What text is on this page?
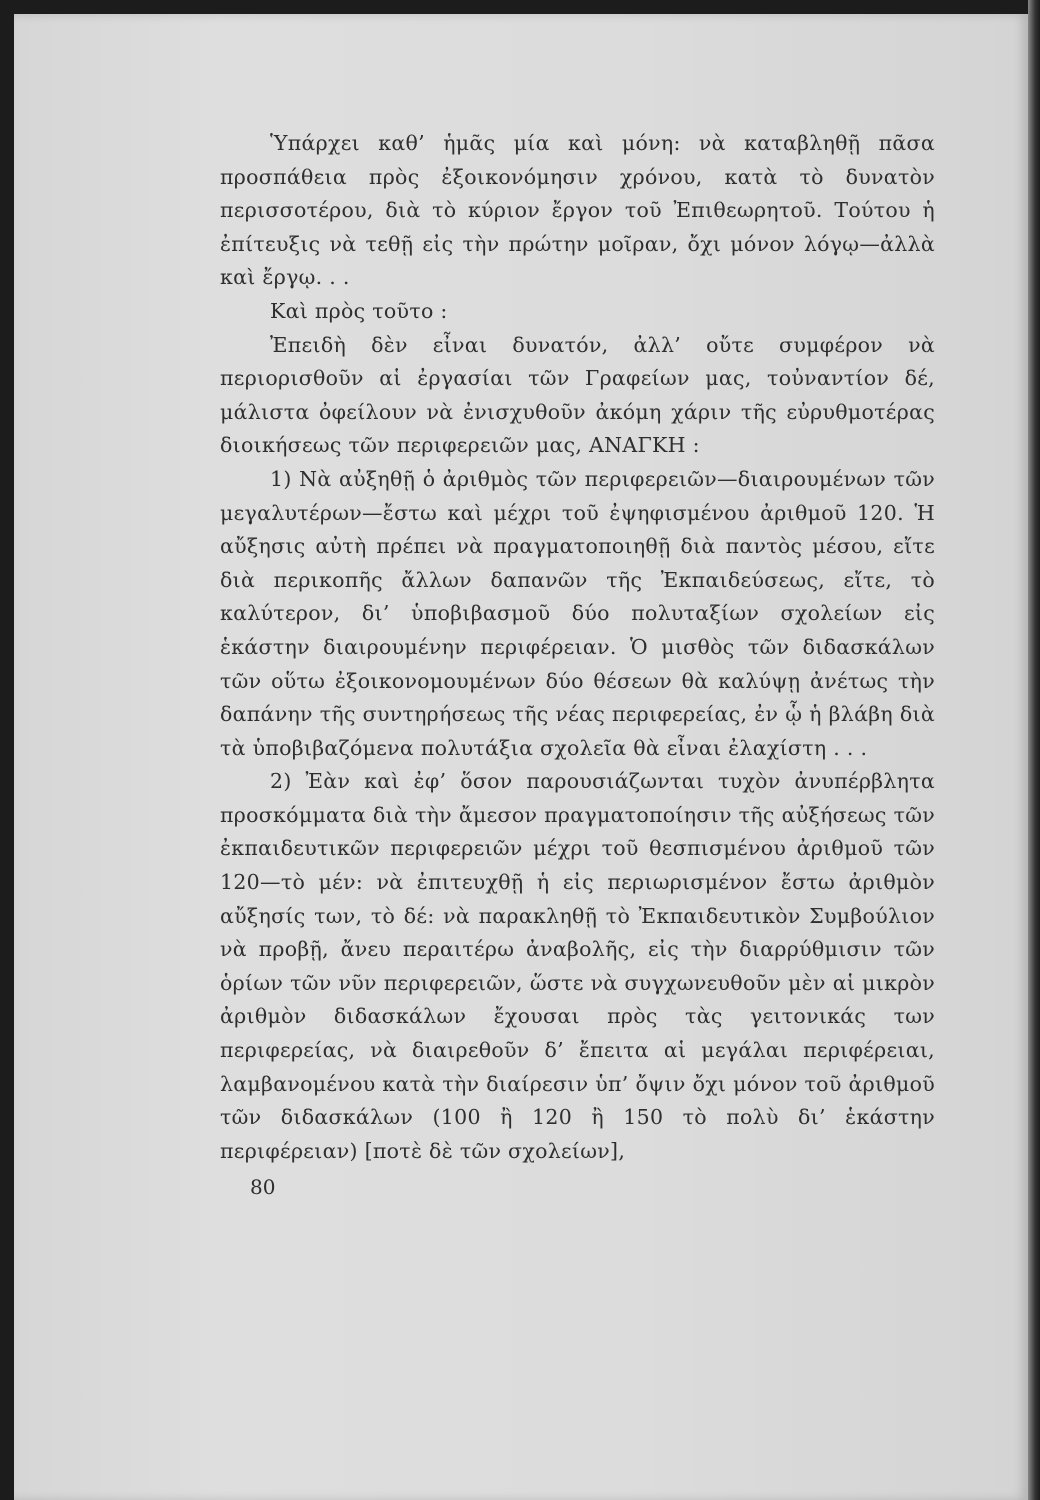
Ὑπάρχει καθ’ ἡμᾶς μία καὶ μόνη: νὰ καταβληθῇ πᾶσα προσπάθεια πρὸς ἐξοικονόμησιν χρόνου, κατὰ τὸ δυνατὸν περισσοτέρου, διὰ τὸ κύριον ἔργον τοῦ Ἐπιθεωρητοῦ. Τούτου ἡ ἐπίτευξις νὰ τεθῇ εἰς τὴν πρώτην μοῖραν, ὄχι μόνον λόγῳ—ἀλλὰ καὶ ἔργῳ. . .

Καὶ πρὸς τοῦτο :

Ἐπειδὴ δὲν εἶναι δυνατόν, ἀλλ’ οὔτε συμφέρον νὰ περιορισθοῦν αἱ ἐργασίαι τῶν Γραφείων μας, τοὐναντίον δέ, μάλιστα ὀφείλουν νὰ ἐνισχυθοῦν ἀκόμη χάριν τῆς εὐρυθμοτέρας διοικήσεως τῶν περιφερειῶν μας, ΑΝΑΓΚΗ :

1) Νὰ αὐξηθῇ ὁ ἀριθμὸς τῶν περιφερειῶν—διαιρουμένων τῶν μεγαλυτέρων—ἔστω καὶ μέχρι τοῦ ἐψηφισμένου ἀριθμοῦ 120. Ἡ αὔξησις αὐτὴ πρέπει νὰ πραγματοποιηθῇ διὰ παντὸς μέσου, εἴτε διὰ περικοπῆς ἄλλων δαπανῶν τῆς Ἐκπαιδεύσεως, εἴτε, τὸ καλύτερον, δι’ ὑποβιβασμοῦ δύο πολυταξίων σχολείων εἰς ἑκάστην διαιρουμένην περιφέρειαν. Ὁ μισθὸς τῶν διδασκάλων τῶν οὕτω ἐξοικονομουμένων δύο θέσεων θὰ καλύψῃ ἀνέτως τὴν δαπάνην τῆς συντηρήσεως τῆς νέας περιφερείας, ἐν ᾧ ἡ βλάβη διὰ τὰ ὑποβιβαζόμενα πολυτάξια σχολεῖα θὰ εἶναι ἐλαχίστη . . .

2) Ἐὰν καὶ ἐφ’ ὅσον παρουσιάζωνται τυχὸν ἀνυπέρβλητα προσκόμματα διὰ τὴν ἄμεσον πραγματοποίησιν τῆς αὐξήσεως τῶν ἐκπαιδευτικῶν περιφερειῶν μέχρι τοῦ θεσπισμένου ἀριθμοῦ τῶν 120—τὸ μέν: νὰ ἐπιτευχθῇ ἡ εἰς περιωρισμένον ἔστω ἀριθμὸν αὔξησίς των, τὸ δέ: νὰ παρακληθῇ τὸ Ἐκπαιδευτικὸν Συμβούλιον νὰ προβῇ, ἄνευ περαιτέρω ἀναβολῆς, εἰς τὴν διαρρύθμισιν τῶν ὁρίων τῶν νῦν περιφερειῶν, ὥστε νὰ συγχωνευθοῦν μὲν αἱ μικρὸν ἀριθμὸν διδασκάλων ἔχουσαι πρὸς τὰς γειτονικάς των περιφερείας, νὰ διαιρεθοῦν δ’ ἔπειτα αἱ μεγάλαι περιφέρειαι, λαμβανομένου κατὰ τὴν διαίρεσιν ὑπ’ ὄψιν ὄχι μόνον τοῦ ἀριθμοῦ τῶν διδασκάλων (100 ἢ 120 ἢ 150 τὸ πολὺ δι’ ἑκάστην περιφέρειαν) [ποτὲ δὲ τῶν σχολείων],

80
